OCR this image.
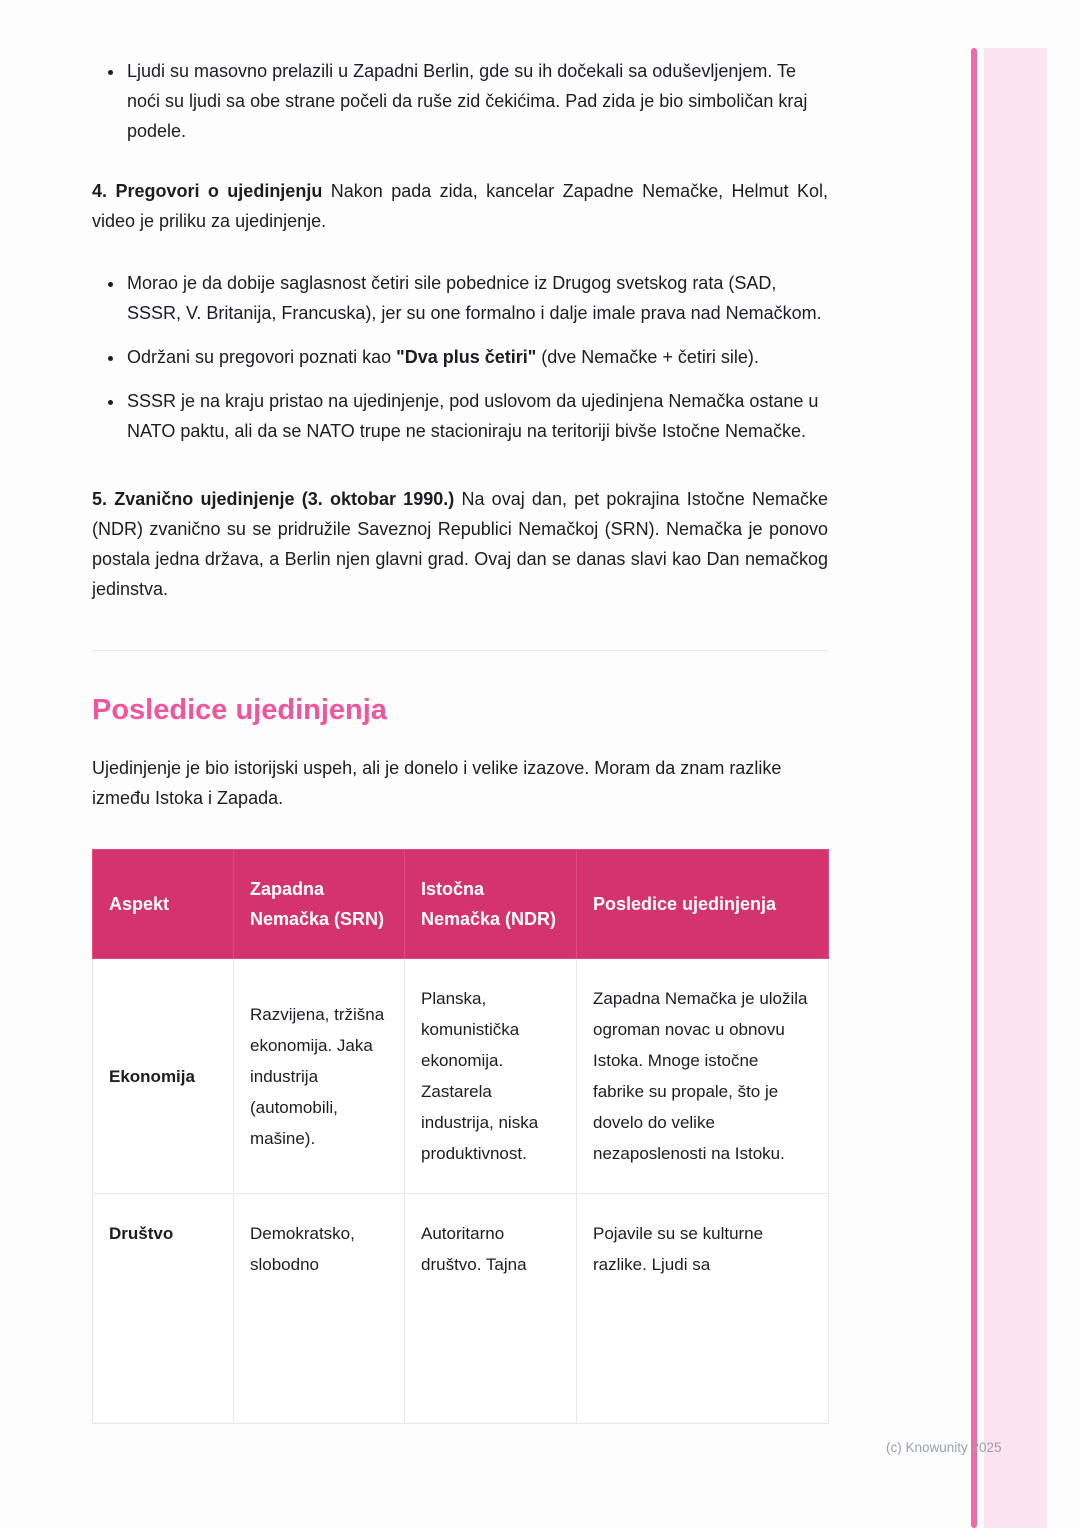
• Ljudi su masovno prelazili u Zapadni Berlin, gde su ih dočekali sa oduševljenjem. Te noći su ljudi sa obe strane počeli da ruše zid čekićima. Pad zida je bio simboličan kraj podele.

4. Pregovori o ujedinjenju Nakon pada zida, kancelar Zapadne Nemačke, Helmut Kol, video je priliku za ujedinjenje.

• Morao je da dobije saglasnost četiri sile pobednice iz Drugog svetskog rata (SAD, SSSR, V. Britanija, Francuska), jer su one formalno i dalje imale prava nad Nemačkom.
• Održani su pregovori poznati kao "Dva plus četiri" (dve Nemačke + četiri sile).
• SSSR je na kraju pristao na ujedinjenje, pod uslovom da ujedinjena Nemačka ostane u NATO paktu, ali da se NATO trupe ne stacioniraju na teritoriji bivše Istočne Nemačke.

5. Zvanično ujedinjenje (3. oktobar 1990.) Na ovaj dan, pet pokrajina Istočne Nemačke (NDR) zvanično su se pridružile Saveznoj Republici Nemačkoj (SRN). Nemačka je ponovo postala jedna država, a Berlin njen glavni grad. Ovaj dan se danas slavi kao Dan nemačkog jedinstva.

Posledice ujedinjenja

Ujedinjenje je bio istorijski uspeh, ali je donelo i velike izazove. Moram da znam razlike između Istoka i Zapada.

Aspekt	Zapadna Nemačka (SRN)	Istočna Nemačka (NDR)	Posledice ujedinjenja
Ekonomija	Razvijena, tržišna ekonomija. Jaka industrija (automobili, mašine).	Planska, komunistička ekonomija. Zastarela industrija, niska produktivnost.	Zapadna Nemačka je uložila ogroman novac u obnovu Istoka. Mnoge istočne fabrike su propale, što je dovelo do velike nezaposlenosti na Istoku.
Društvo	Demokratsko, slobodno	Autoritarno društvo. Tajna	Pojavile su se kulturne razlike. Ljudi sa
(c) Knowunity 2025
